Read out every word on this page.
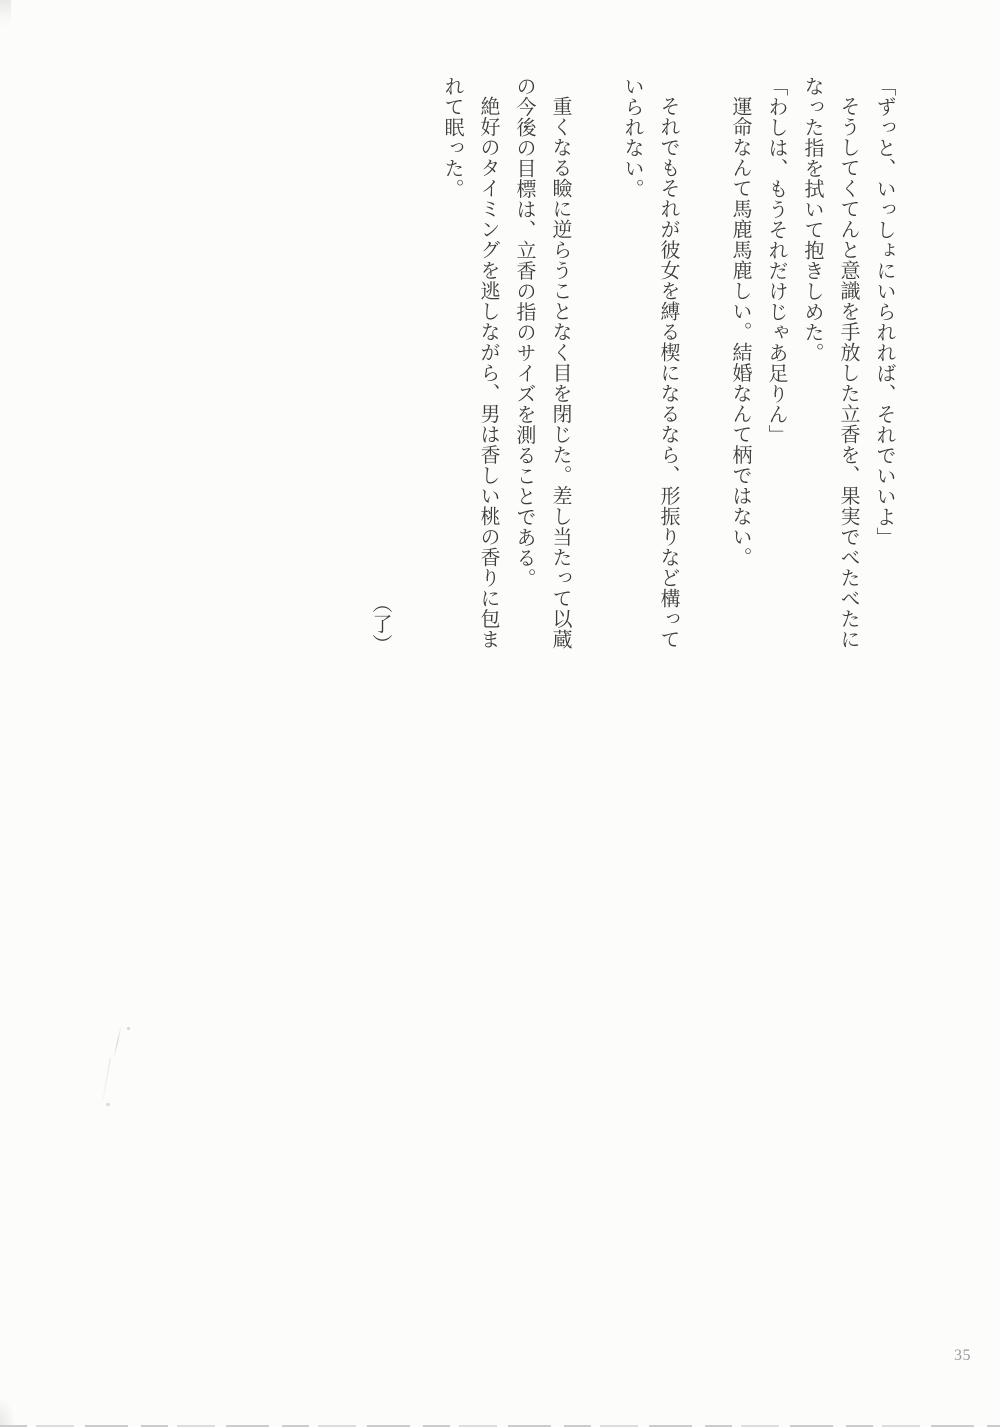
「ずっと、いっしょにいられれば、それでいいよ」

そうしてくてんと意識を手放した立香を、果実でべたべたに

なった指を拭いて抱きしめた。

「わしは、もうそれだけじゃあ足りん」

運命なんて馬鹿馬鹿しい。結婚なんて柄ではない。

それでもそれが彼女を縛る楔になるなら、形振りなど構って

いられない。

重くなる瞼に逆らうことなく目を閉じた。差し当たって以蔵

の今後の目標は、立香の指のサイズを測ることである。

絶好のタイミングを逃しながら、男は香しい桃の香りに包ま

れて眠った。

（了）

35
